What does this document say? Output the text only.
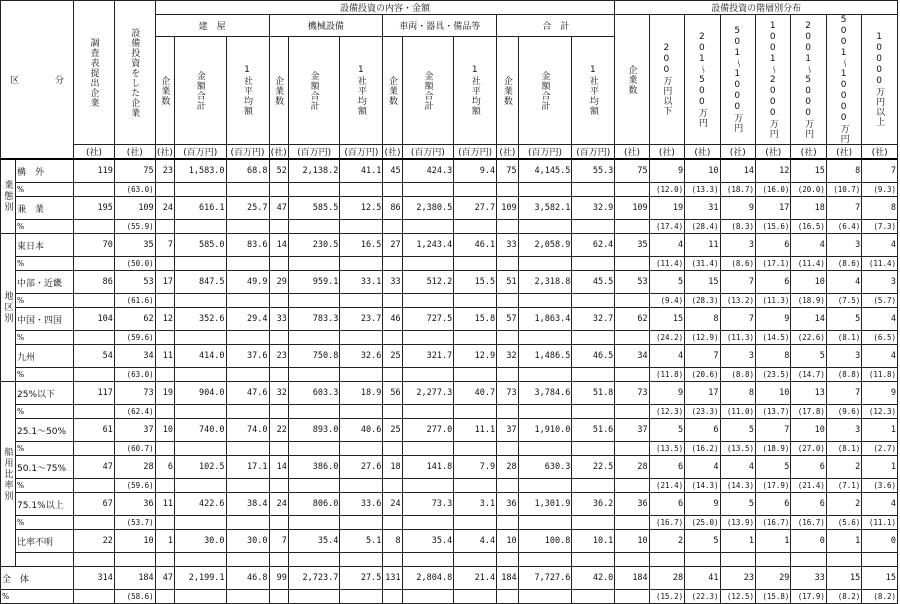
区　　　　分		調査表提出企業	設備投資をした企業	設備投資の内容・金額												設備投資の階層別分布							
				建　屋			機械設備			車両・器具・備品等			合　計			企業数	200万円以下	201〜500万円	501〜1000万円	1001〜2000万円	2001〜5000万円	5001〜10000万円	10000万円以上
				企業数	金額合計	1社平均額	企業数	金額合計	1社平均額	企業数	金額合計	1社平均額	企業数	金額合計	1社平均額								
		(社)	(社)	(社)	(百万円)	(百万円)	(社)	(百万円)	(百万円)	(社)	(百万円)	(百万円)	(社)	(百万円)	(百万円)	(社)	(社)	(社)	(社)	(社)	(社)	(社)	(社)
業態別	構　外	119	75	23	1,583.0	68.8	52	2,138.2	41.1	45	424.3	9.4	75	4,145.5	55.3	75	9	10	14	12	15	8	7
	%		(63.0)														(12.0)	(13.3)	(18.7)	(16.0)	(20.0)	(10.7)	(9.3)
	兼　業	195	109	24	616.1	25.7	47	585.5	12.5	86	2,380.5	27.7	109	3,582.1	32.9	109	19	31	9	17	18	7	8
	%		(55.9)														(17.4)	(28.4)	(8.3)	(15.6)	(16.5)	(6.4)	(7.3)
地区別	東日本	70	35	7	585.0	83.6	14	230.5	16.5	27	1,243.4	46.1	33	2,058.9	62.4	35	4	11	3	6	4	3	4
	%		(50.0)														(11.4)	(31.4)	(8.6)	(17.1)	(11.4)	(8.6)	(11.4)
	中部・近畿	86	53	17	847.5	49.9	29	959.1	33.1	33	512.2	15.5	51	2,318.8	45.5	53	5	15	7	6	10	4	3
	%		(61.6)														(9.4)	(28.3)	(13.2)	(11.3)	(18.9)	(7.5)	(5.7)
	中国・四国	104	62	12	352.6	29.4	33	783.3	23.7	46	727.5	15.8	57	1,863.4	32.7	62	15	8	7	9	14	5	4
	%		(59.6)														(24.2)	(12.9)	(11.3)	(14.5)	(22.6)	(8.1)	(6.5)
	九州	54	34	11	414.0	37.6	23	750.8	32.6	25	321.7	12.9	32	1,486.5	46.5	34	4	7	3	8	5	3	4
	%		(63.0)														(11.8)	(20.6)	(8.8)	(23.5)	(14.7)	(8.8)	(11.8)
船用比率別	25%以下	117	73	19	904.0	47.6	32	603.3	18.9	56	2,277.3	40.7	73	3,784.6	51.8	73	9	17	8	10	13	7	9
	%		(62.4)														(12.3)	(23.3)	(11.0)	(13.7)	(17.8)	(9.6)	(12.3)
	25.1〜50%	61	37	10	740.0	74.0	22	893.0	40.6	25	277.0	11.1	37	1,910.0	51.6	37	5	6	5	7	10	3	1
	%		(60.7)														(13.5)	(16.2)	(13.5)	(18.9)	(27.0)	(8.1)	(2.7)
	50.1〜75%	47	28	6	102.5	17.1	14	386.0	27.6	18	141.8	7.9	28	630.3	22.5	28	6	4	4	5	6	2	1
	%		(59.6)														(21.4)	(14.3)	(14.3)	(17.9)	(21.4)	(7.1)	(3.6)
	75.1%以上	67	36	11	422.6	38.4	24	806.0	33.6	24	73.3	3.1	36	1,301.9	36.2	36	6	9	5	6	6	2	4
	%		(53.7)														(16.7)	(25.0)	(13.9)	(16.7)	(16.7)	(5.6)	(11.1)
	比率不明	22	10	1	30.0	30.0	7	35.4	5.1	8	35.4	4.4	10	100.8	10.1	10	2	5	1	1	0	1	0

全　体		314	184	47	2,199.1	46.8	99	2,723.7	27.5	131	2,804.8	21.4	184	7,727.6	42.0	184	28	41	23	29	33	15	15
%			(58.6)														(15.2)	(22.3)	(12.5)	(15.8)	(17.9)	(8.2)	(8.2)
